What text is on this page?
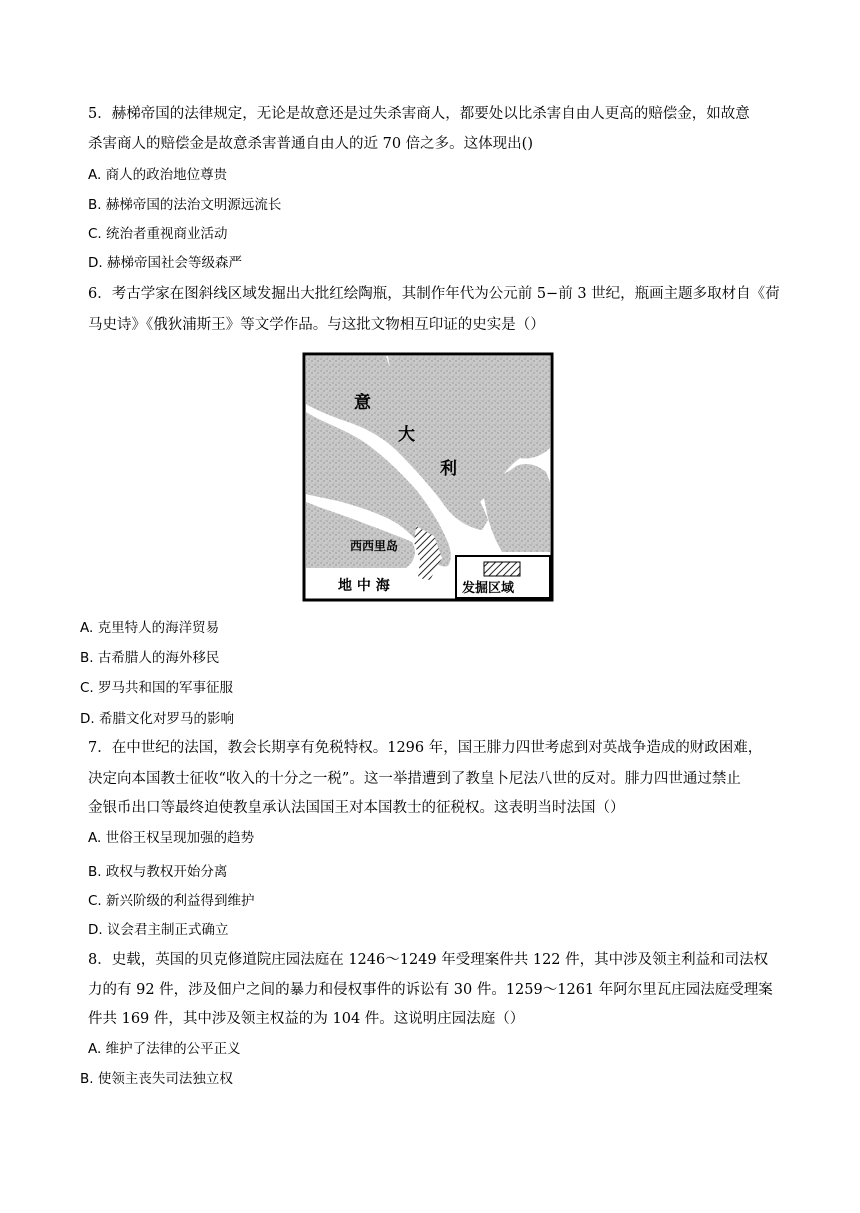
5．赫梯帝国的法律规定，无论是故意还是过失杀害商人，都要处以比杀害自由人更高的赔偿金，如故意
杀害商人的赔偿金是故意杀害普通自由人的近 70 倍之多。这体现出()
A. 商人的政治地位尊贵
B. 赫梯帝国的法治文明源远流长
C. 统治者重视商业活动
D. 赫梯帝国社会等级森严
6．考古学家在图斜线区域发掘出大批红绘陶瓶，其制作年代为公元前 5−前 3 世纪，瓶画主题多取材自《荷
马史诗》《俄狄浦斯王》等文学作品。与这批文物相互印证的史实是（）
意
大
利
西西里岛
地 中 海	发掘区域
A. 克里特人的海洋贸易
B. 古希腊人的海外移民
C. 罗马共和国的军事征服
D. 希腊文化对罗马的影响
7．在中世纪的法国，教会长期享有免税特权。1296 年，国王腓力四世考虑到对英战争造成的财政困难，
决定向本国教士征收“收入的十分之一税”。这一举措遭到了教皇卜尼法八世的反对。腓力四世通过禁止
金银币出口等最终迫使教皇承认法国国王对本国教士的征税权。这表明当时法国（）
A. 世俗王权呈现加强的趋势
B. 政权与教权开始分离
C. 新兴阶级的利益得到维护
D. 议会君主制正式确立
8．史载，英国的贝克修道院庄园法庭在 1246～1249 年受理案件共 122 件，其中涉及领主利益和司法权
力的有 92 件，涉及佃户之间的暴力和侵权事件的诉讼有 30 件。1259～1261 年阿尔里瓦庄园法庭受理案
件共 169 件，其中涉及领主权益的为 104 件。这说明庄园法庭（）
A. 维护了法律的公平正义
B. 使领主丧失司法独立权
